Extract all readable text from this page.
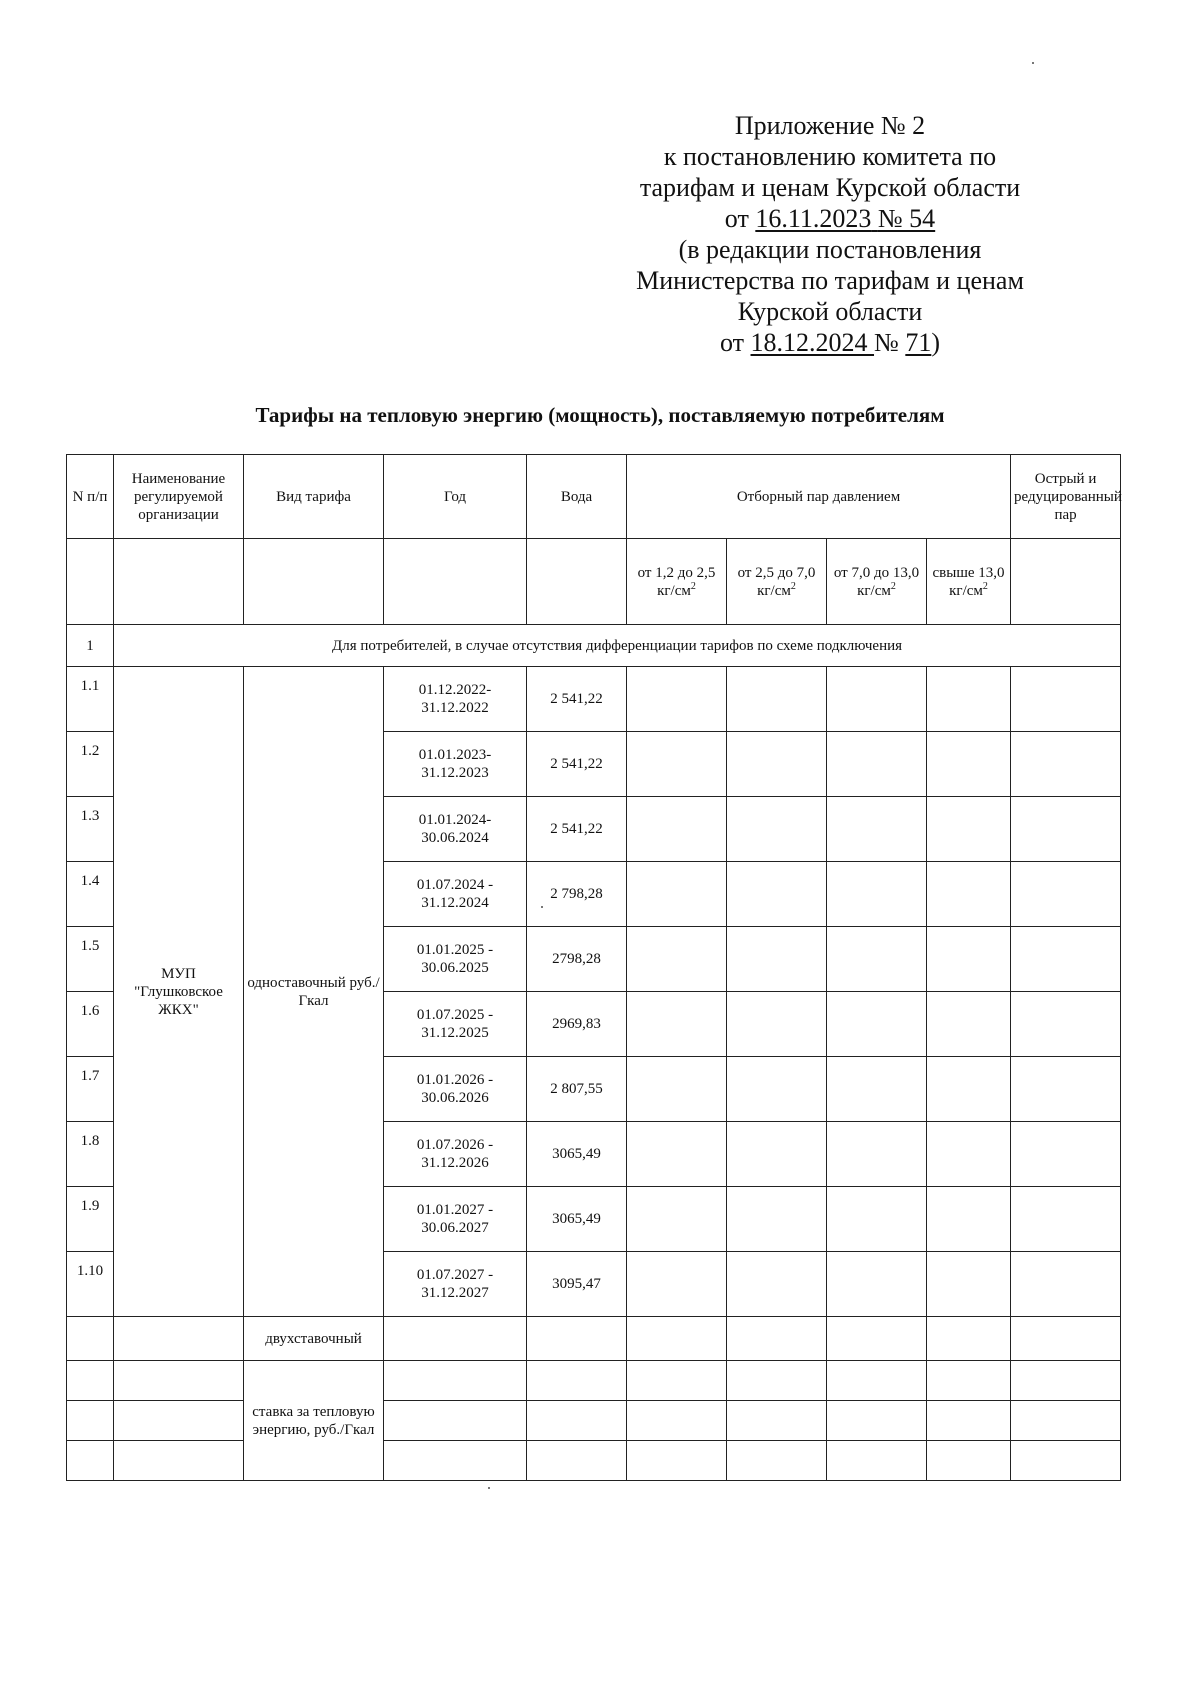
Приложение № 2
к постановлению комитета по
тарифам и ценам Курской области
от 16.11.2023 № 54
(в редакции постановления
Министерства по тарифам и ценам
Курской области
от 18.12.2024 № 71)
Тарифы на тепловую энергию (мощность), поставляемую потребителям
N п/п	Наименование регулируемой организации	Вид тарифа	Год	Вода	Отборный пар давлением				Острый и редуцированный пар
					от 1,2 до 2,5 $кг/см^2$	от 2,5 до 7,0 $кг/см^2$	от 7,0 до 13,0 $кг/см^2$	свыше 13,0 $кг/см^2$	
1	Для потребителей, в случае отсутствия дифференциации тарифов по схеме подключения								
1.1	МУП "Глушковское ЖКХ"	одноставочный руб./Гкал	01.12.2022-31.12.2022	2 541,22					
1.2			01.01.2023-31.12.2023	2 541,22					
1.3			01.01.2024-30.06.2024	2 541,22					
1.4			01.07.2024 - 31.12.2024	2 798,28					
1.5			01.01.2025 - 30.06.2025	2798,28					
1.6			01.07.2025 - 31.12.2025	2969,83					
1.7			01.01.2026 - 30.06.2026	2 807,55					
1.8			01.07.2026 - 31.12.2026	3065,49					
1.9			01.01.2027 - 30.06.2027	3065,49					
1.10			01.07.2027 - 31.12.2027	3095,47					
		двухставочный							
		ставка за тепловую энергию, руб./Гкал							
